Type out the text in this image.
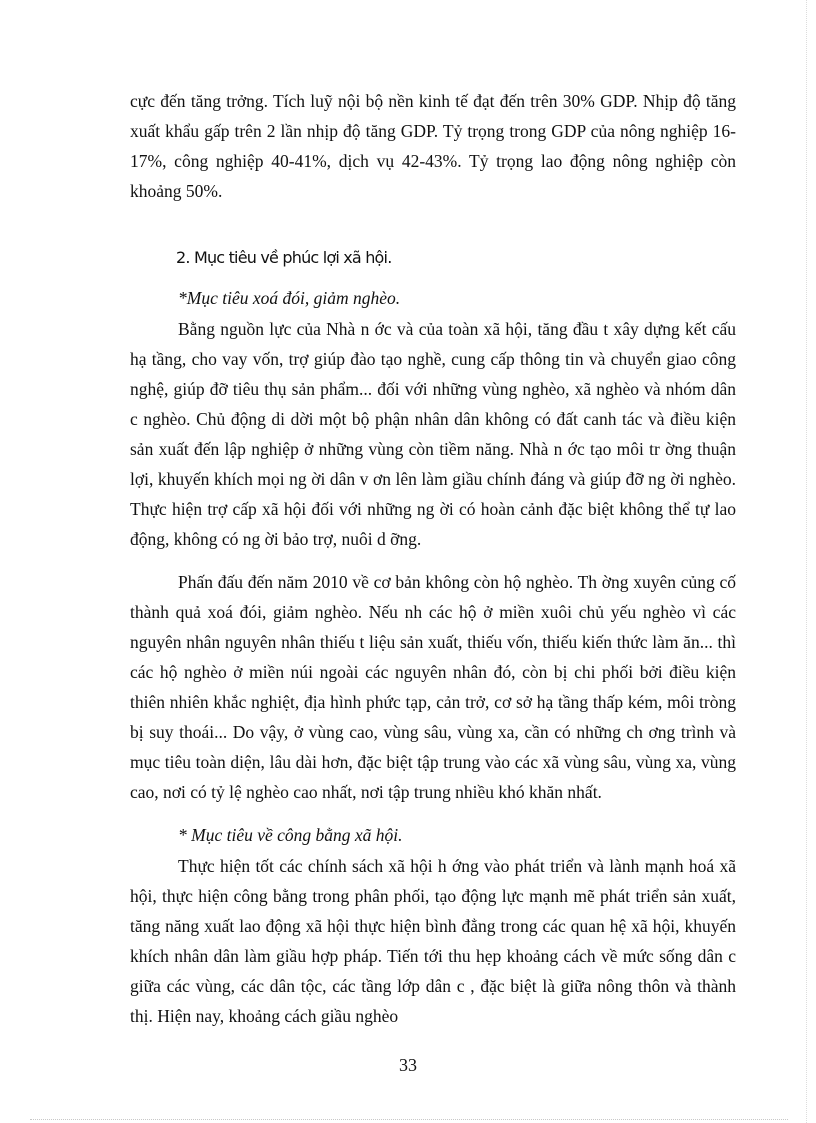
cực đến tăng trởng. Tích luỹ nội bộ nền kinh tế đạt đến trên 30% GDP. Nhịp độ tăng xuất khẩu gấp trên 2 lần nhịp độ tăng GDP. Tỷ trọng trong GDP của nông nghiệp 16-17%, công nghiệp 40-41%, dịch vụ 42-43%. Tỷ trọng lao động nông nghiệp còn khoảng 50%.

2. Mục tiêu về phúc lợi xã hội.

*Mục tiêu xoá đói, giảm nghèo.

Bằng nguồn lực của Nhà n ớc và của toàn xã hội, tăng đầu t xây dựng kết cấu hạ tầng, cho vay vốn, trợ giúp đào tạo nghề, cung cấp thông tin và chuyển giao công nghệ, giúp đỡ tiêu thụ sản phẩm... đối với những vùng nghèo, xã nghèo và nhóm dân c nghèo. Chủ động di dời một bộ phận nhân dân không có đất canh tác và điều kiện sản xuất đến lập nghiệp ở những vùng còn tiềm năng. Nhà n ớc tạo môi tr ờng thuận lợi, khuyến khích mọi ng ời dân v ơn lên làm giầu chính đáng và giúp đỡ ng ời nghèo. Thực hiện trợ cấp xã hội đối với những ng ời có hoàn cảnh đặc biệt không thể tự lao động, không có ng ời bảo trợ, nuôi d ỡng.

Phấn đấu đến năm 2010 về cơ bản không còn hộ nghèo. Th ờng xuyên củng cố thành quả xoá đói, giảm nghèo. Nếu nh các hộ ở miền xuôi chủ yếu nghèo vì các nguyên nhân nguyên nhân thiếu t liệu sản xuất, thiếu vốn, thiếu kiến thức làm ăn... thì các hộ nghèo ở miền núi ngoài các nguyên nhân đó, còn bị chi phối bởi điều kiện thiên nhiên khắc nghiệt, địa hình phức tạp, cản trở, cơ sở hạ tầng thấp kém, môi tròng bị suy thoái... Do vậy, ở vùng cao, vùng sâu, vùng xa, cần có những ch ơng trình và mục tiêu toàn diện, lâu dài hơn, đặc biệt tập trung vào các xã vùng sâu, vùng xa, vùng cao, nơi có tỷ lệ nghèo cao nhất, nơi tập trung nhiều khó khăn nhất.

* Mục tiêu về công bằng xã hội.

Thực hiện tốt các chính sách xã hội h ớng vào phát triển và lành mạnh hoá xã hội, thực hiện công bằng trong phân phối, tạo động lực mạnh mẽ phát triển sản xuất, tăng năng xuất lao động xã hội thực hiện bình đẳng trong các quan hệ xã hội, khuyến khích nhân dân làm giầu hợp pháp. Tiến tới thu hẹp khoảng cách về mức sống dân c giữa các vùng, các dân tộc, các tầng lớp dân c , đặc biệt là giữa nông thôn và thành thị. Hiện nay, khoảng cách giầu nghèo

33
